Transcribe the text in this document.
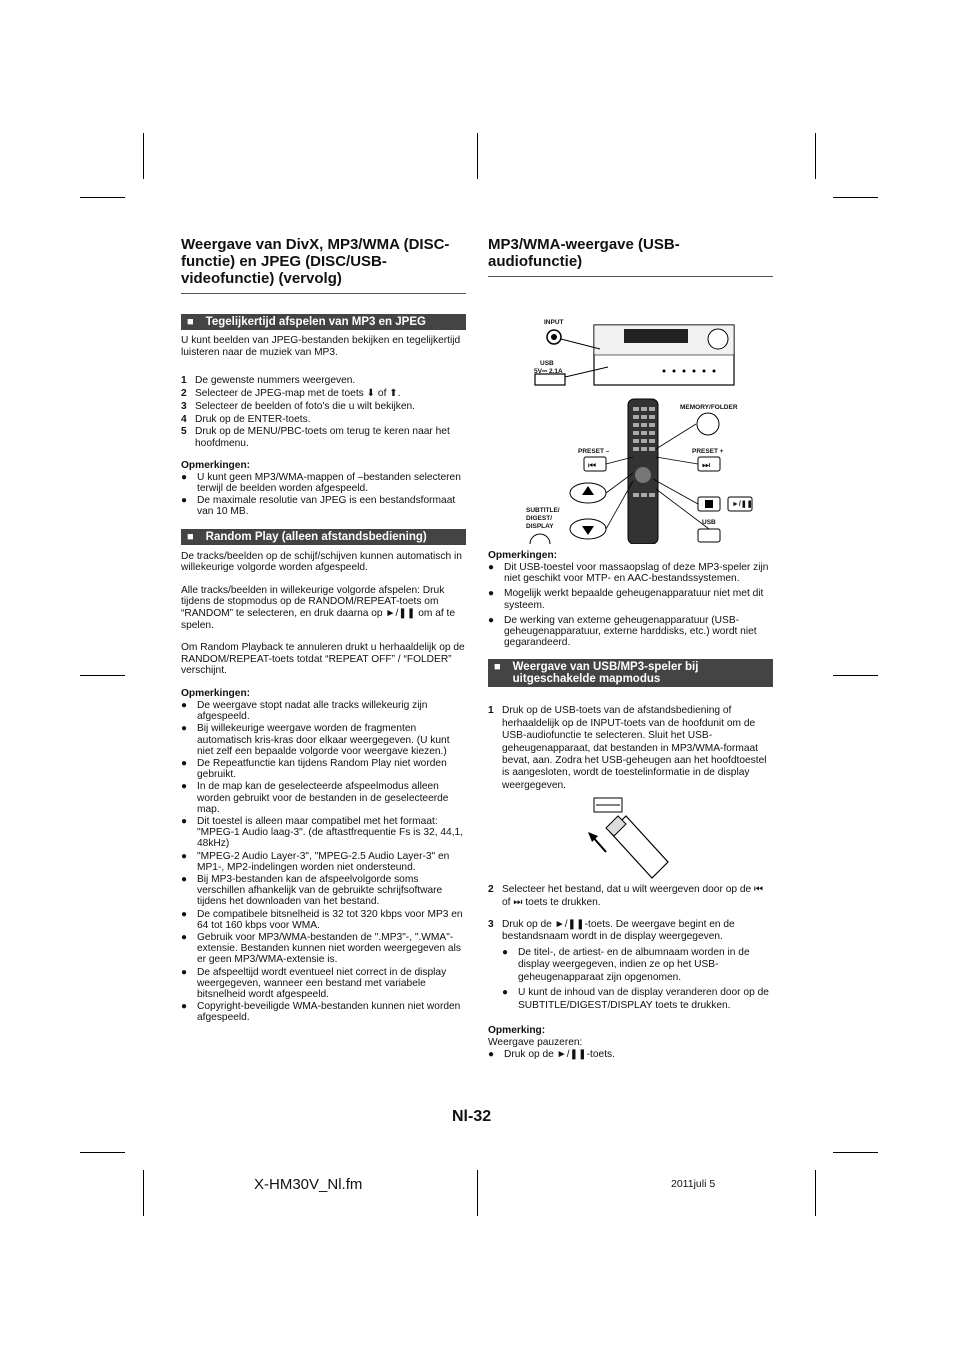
Weergave van DivX, MP3/WMA (DISC-functie) en JPEG (DISC/USB-videofunctie) (vervolg)
■ Tegelijkertijd afspelen van MP3 en JPEG

U kunt beelden van JPEG-bestanden bekijken en tegelijkertijd luisteren naar de muziek van MP3.

1 De gewenste nummers weergeven.
2 Selecteer de JPEG-map met de toets ⬇ of ⬆.
3 Selecteer de beelden of foto's die u wilt bekijken.
4 Druk op de ENTER-toets.
5 Druk op de MENU/PBC-toets om terug te keren naar het hoofdmenu.
Opmerkingen:
● U kunt geen MP3/WMA-mappen of –bestanden selecteren terwijl de beelden worden afgespeeld.
● De maximale resolutie van JPEG is een bestandsformaat van 10 MB.
■ Random Play (alleen afstandsbediening)

De tracks/beelden op de schijf/schijven kunnen automatisch in willekeurige volgorde worden afgespeeld.

Alle tracks/beelden in willekeurige volgorde afspelen: Druk tijdens de stopmodus op de RANDOM/REPEAT-toets om “RANDOM” te selecteren, en druk daarna op ►/❚❚ om af te spelen.

Om Random Playback te annuleren drukt u herhaaldelijk op de RANDOM/REPEAT-toets totdat “REPEAT OFF” / “FOLDER” verschijnt.

Opmerkingen:
● De weergave stopt nadat alle tracks willekeurig zijn afgespeeld.
● Bij willekeurige weergave worden de fragmenten automatisch kris-kras door elkaar weergegeven. (U kunt niet zelf een bepaalde volgorde voor weergave kiezen.)
● De Repeatfunctie kan tijdens Random Play niet worden gebruikt.
● In de map kan de geselecteerde afspeelmodus alleen worden gebruikt voor de bestanden in de geselecteerde map.
● Dit toestel is alleen maar compatibel met het formaat: "MPEG-1 Audio laag-3". (de aftastfrequentie Fs is 32, 44,1, 48kHz)
● "MPEG-2 Audio Layer-3", "MPEG-2.5 Audio Layer-3" en MP1-, MP2-indelingen worden niet ondersteund.
● Bij MP3-bestanden kan de afspeelvolgorde soms verschillen afhankelijk van de gebruikte schrijfsoftware tijdens het downloaden van het bestand.
● De compatibele bitsnelheid is 32 tot 320 kbps voor MP3 en 64 tot 160 kbps voor WMA.
● Gebruik voor MP3/WMA-bestanden de ".MP3"-, ".WMA"-extensie. Bestanden kunnen niet worden weergegeven als er geen MP3/WMA-extensie is.
● De afspeeltijd wordt eventueel niet correct in de display weergegeven, wanneer een bestand met variabele bitsnelheid wordt afgespeeld.
● Copyright-beveiligde WMA-bestanden kunnen niet worden afgespeeld.
MP3/WMA-weergave (USB-audiofunctie)
⏮	⏭
INPUT
USB
5V⎓ 2.1A
MEMORY/FOLDER
PRESET –	PRESET +
SUBTITLE/ DIGEST/ DISPLAY
USB
►/❚❚
Opmerkingen:
● Dit USB-toestel voor massaopslag of deze MP3-speler zijn niet geschikt voor MTP- en AAC-bestandssystemen.
● Mogelijk werkt bepaalde geheugenapparatuur niet met dit systeem.
● De werking van externe geheugenapparatuur (USB-geheugenapparatuur, externe harddisks, etc.) wordt niet gegarandeerd.
■ Weergave van USB/MP3-speler bij uitgeschakelde mapmodus
1 Druk op de USB-toets van de afstandsbediening of herhaaldelijk op de INPUT-toets van de hoofdunit om de USB-audiofunctie te selecteren. Sluit het USB-geheugenapparaat, dat bestanden in MP3/WMA-formaat bevat, aan. Zodra het USB-geheugen aan het hoofdtoestel is aangesloten, wordt de toestelinformatie in de display weergegeven.
2 Selecteer het bestand, dat u wilt weergeven door op de ⏮ of ⏭ toets te drukken.
3 Druk op de ►/❚❚-toets. De weergave begint en de bestandsnaam wordt in de display weergegeven.
● De titel-, de artiest- en de albumnaam worden in de display weergegeven, indien ze op het USB-geheugenapparaat zijn opgenomen.
● U kunt de inhoud van de display veranderen door op de SUBTITLE/DIGEST/DISPLAY toets te drukken.
Opmerking:

Weergave pauzeren:

● Druk op de ►/❚❚-toets.
Nl-32
X-HM30V_Nl.fm	2011juli 5
